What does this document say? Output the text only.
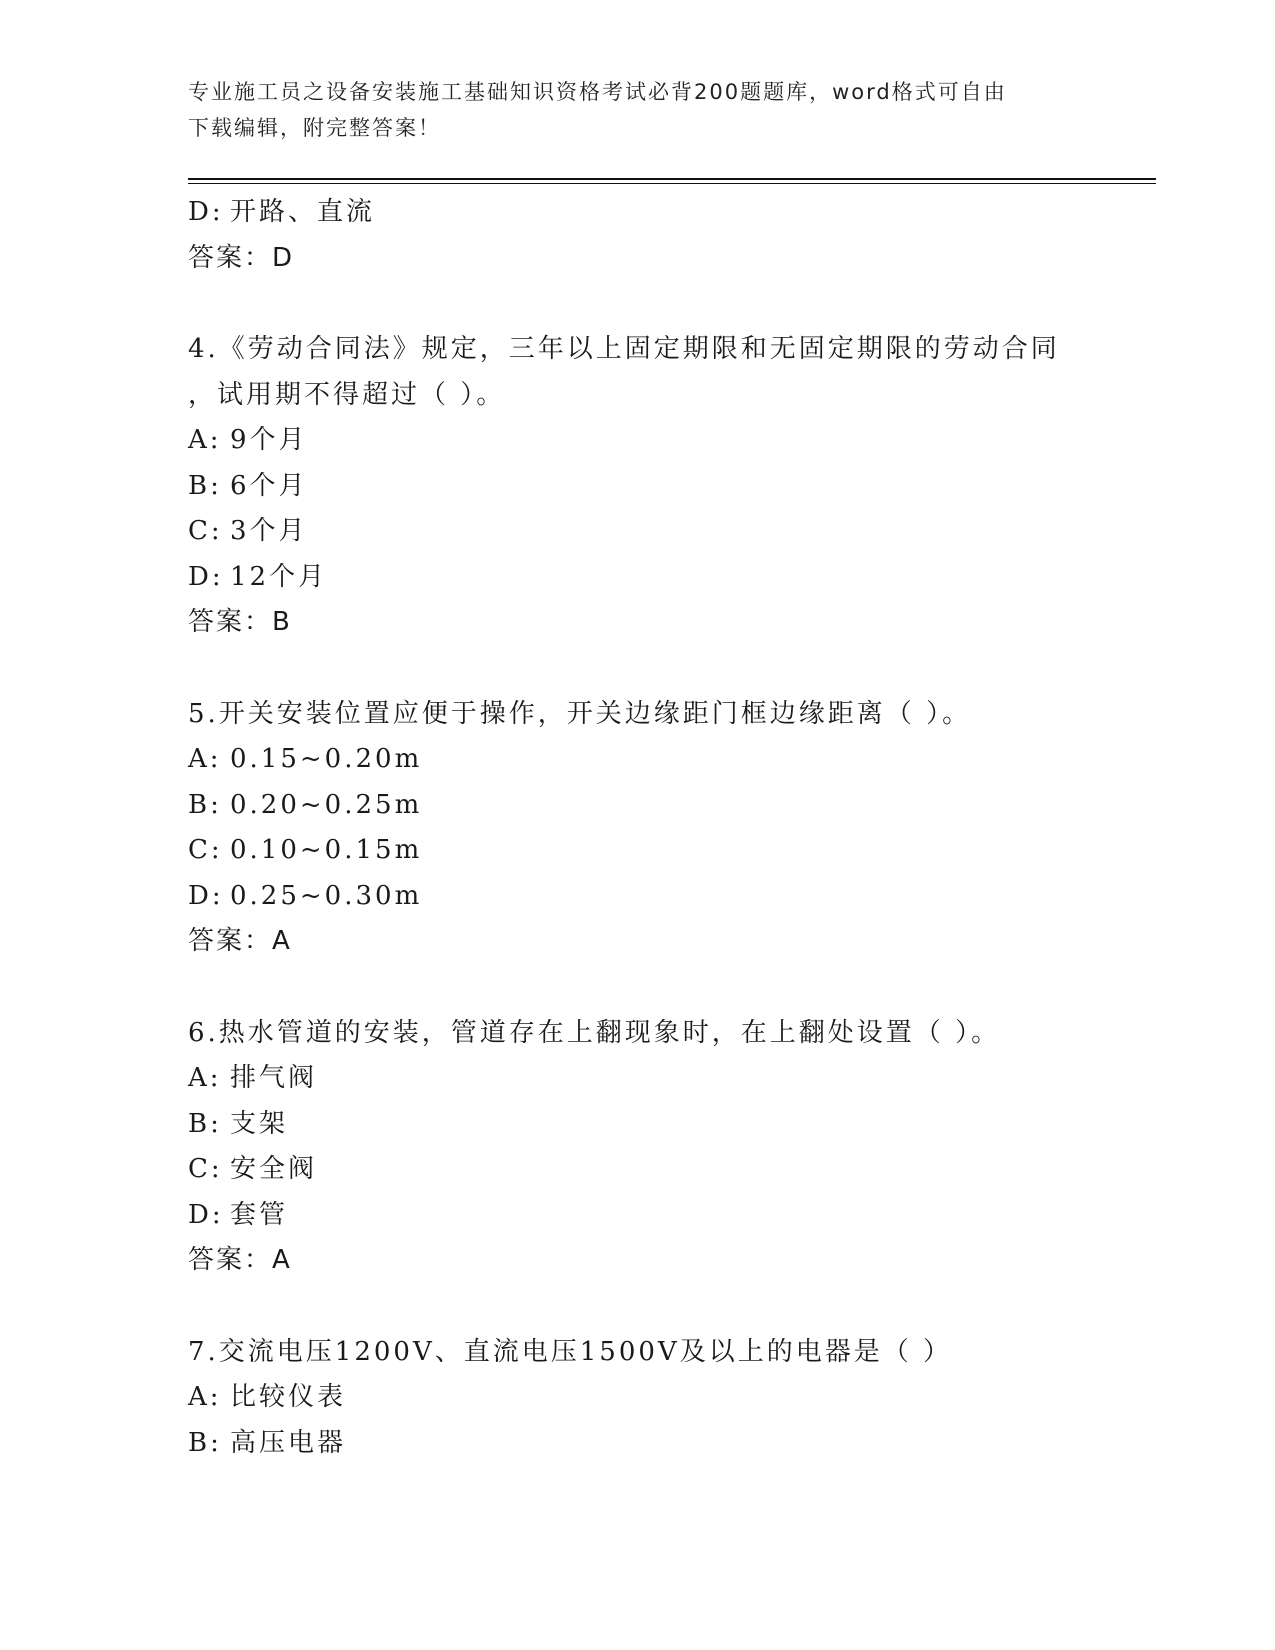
专业施工员之设备安装施工基础知识资格考试必背200题题库，word格式可自由
下载编辑，附完整答案！
D: 开路、直流
答案：D
4.《劳动合同法》规定，三年以上固定期限和无固定期限的劳动合同
，试用期不得超过（ ）。
A: 9个月
B: 6个月
C: 3个月
D: 12个月
答案：B
5.开关安装位置应便于操作，开关边缘距门框边缘距离（ ）。
A: 0.15~0.20m
B: 0.20~0.25m
C: 0.10~0.15m
D: 0.25~0.30m
答案：A
6.热水管道的安装，管道存在上翻现象时，在上翻处设置（ ）。
A: 排气阀
B: 支架
C: 安全阀
D: 套管
答案：A
7.交流电压1200V、直流电压1500V及以上的电器是（ ）
A: 比较仪表
B: 高压电器
